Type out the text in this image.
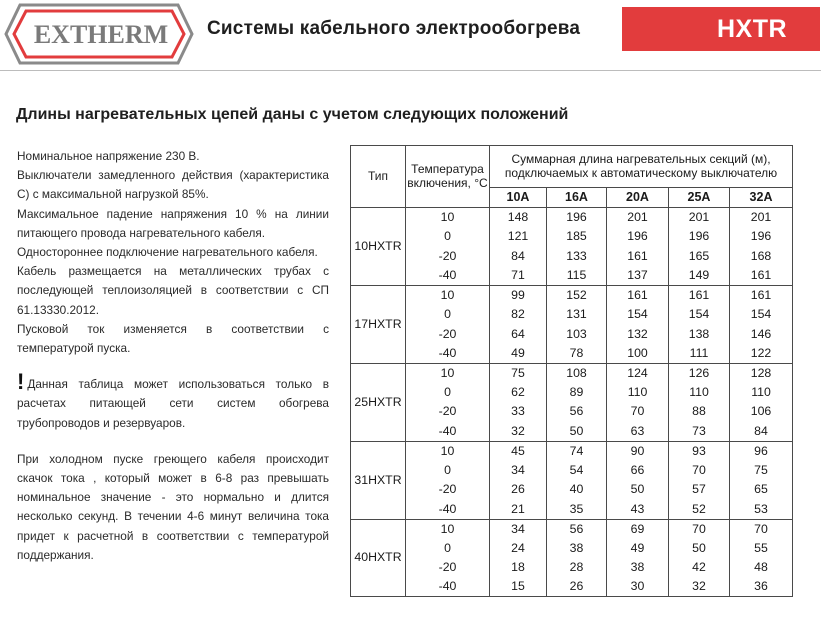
EXTHERM Системы кабельного электрообогрева	HXTR
Длины нагревательных цепей даны с учетом следующих положений

Номинальное напряжение 230 В.

Выключатели замедленного действия (характеристика С) с максимальной нагрузкой 85%.

Максимальное падение напряжения 10 % на линии питающего провода нагревательного кабеля.

Одностороннее подключение нагревательного кабеля.

Кабель размещается на металлических трубах с последующей теплоизоляцией в соответствии с СП 61.13330.2012.

Пусковой ток изменяется в соответствии с температурой пуска.

! Данная таблица может использоваться только в расчетах питающей сети систем обогрева трубопроводов и резервуаров.

При холодном пуске греющего кабеля происходит скачок тока , который может в 6-8 раз превышать номинальное значение - это нормально и длится несколько секунд. В течении 4-6 минут величина тока придет к расчетной в соответствии с температурой поддержания.

Тип	Температура включения, °С	Суммарная длина нагревательных секций (м), подключаемых к автоматическому выключателю				
		10А	16А	20А	25А	32А
10HXTR	10	148	196	201	201	201
	0	121	185	196	196	196
	-20	84	133	161	165	168
	-40	71	115	137	149	161
17HXTR	10	99	152	161	161	161
	0	82	131	154	154	154
	-20	64	103	132	138	146
	-40	49	78	100	111	122
25HXTR	10	75	108	124	126	128
	0	62	89	110	110	110
	-20	33	56	70	88	106
	-40	32	50	63	73	84
31HXTR	10	45	74	90	93	96
	0	34	54	66	70	75
	-20	26	40	50	57	65
	-40	21	35	43	52	53
40HXTR	10	34	56	69	70	70
	0	24	38	49	50	55
	-20	18	28	38	42	48
	-40	15	26	30	32	36
